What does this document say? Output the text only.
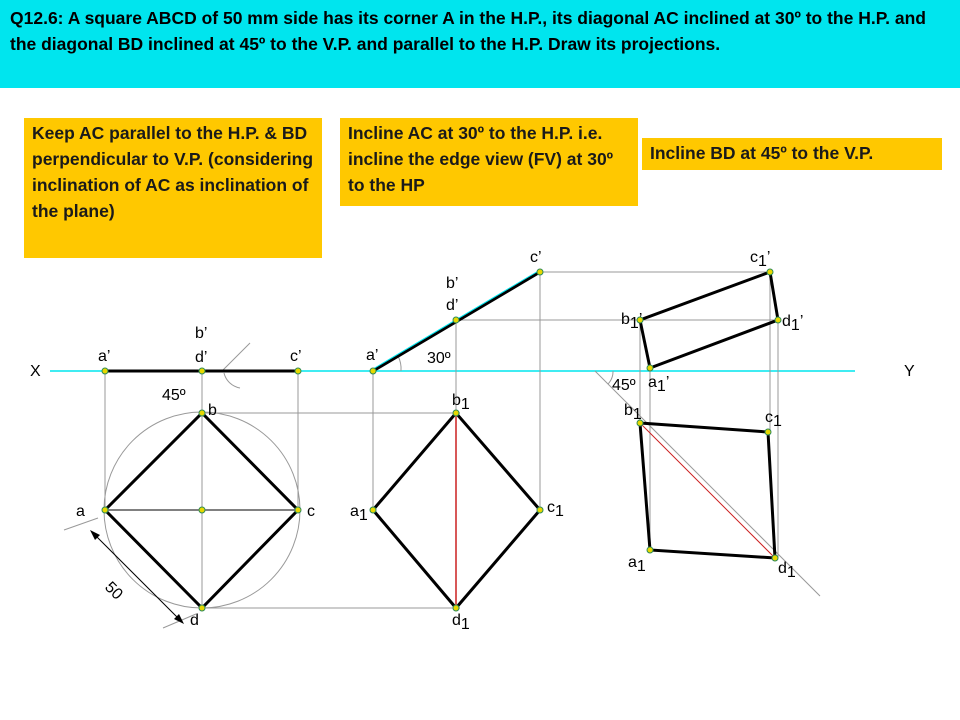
Q12.6: A square ABCD of 50 mm side has its corner A in the H.P., its diagonal AC inclined at 30º to the H.P. and the diagonal BD inclined at 45º to the V.P. and parallel to the H.P. Draw its projections.
Keep AC parallel to the H.P. & BD perpendicular to V.P. (considering inclination of AC as inclination of the plane)
Incline AC at 30º to the H.P. i.e. incline the edge view (FV) at 30º to the HP
Incline BD at 45º to the V.P.
X	Y
a’
b’
d’	c’
45º
a
b
c
d
50
c’
b’
d’
a’	30º
b1
a1	c1
d1
c1’
b1’	d1’
a1’
45º
b1	c1
a1	d1
